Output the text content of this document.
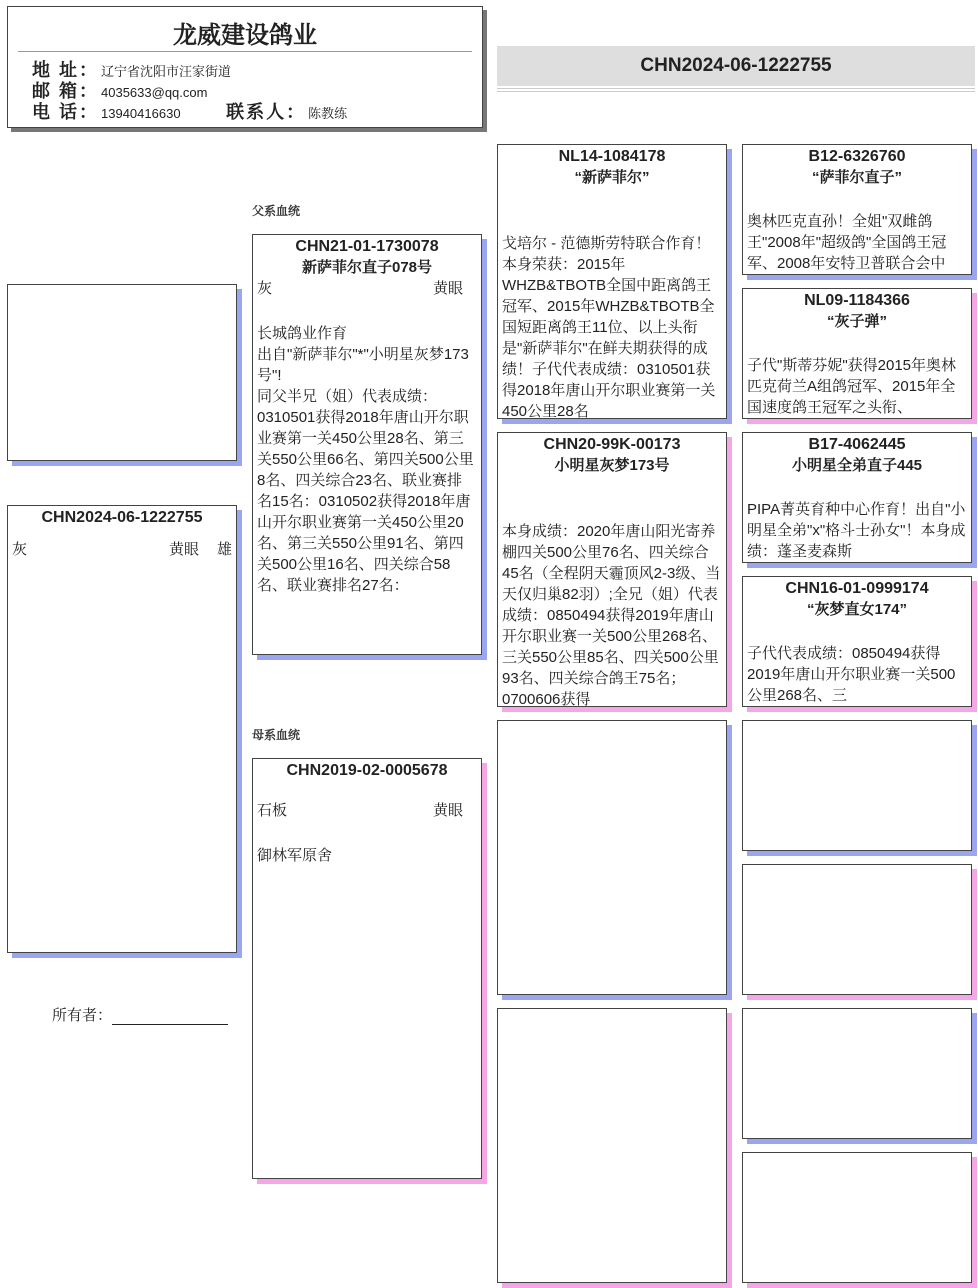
龙威建设鸽业
地 址： 辽宁省沈阳市汪家街道
邮 箱： 4035633@qq.com
电 话： 13940416630	联系人： 陈教练
CHN2024-06-1222755
CHN2024-06-1222755
灰	黄眼 雄
所有者：
父系血统
母系血统
CHN21-01-1730078
新萨菲尔直子078号
灰	黄眼
长城鸽业作育
出自"新萨菲尔"*"小明星灰梦173号"!
同父半兄（姐）代表成绩：0310501获得2018年唐山开尔职业赛第一关450公里28名、第三关550公里66名、第四关500公里8名、四关综合23名、联业赛排名15名：0310502获得2018年唐山开尔职业赛第一关450公里20名、第三关550公里91名、第四关500公里16名、四关综合58名、联业赛排名27名：
CHN2019-02-0005678
石板	黄眼
御林军原舍
NL14-1084178
“新萨菲尔”
戈培尔 - 范德斯劳特联合作育！本身荣获：2015年WHZB&TBOTB全国中距离鸽王冠军、2015年WHZB&TBOTB全国短距离鸽王11位、以上头衔是"新萨菲尔"在鲜夫期获得的成绩！子代代表成绩：0310501获得2018年唐山开尔职业赛第一关450公里28名
CHN20-99K-00173
小明星灰梦173号
本身成绩：2020年唐山阳光寄养棚四关500公里76名、四关综合45名（全程阴天霾顶风2-3级、当天仅归巢82羽）;全兄（姐）代表成绩：0850494获得2019年唐山开尔职业赛一关500公里268名、三关550公里85名、四关500公里93名、四关综合鸽王75名；0700606获得
B12-6326760
“萨菲尔直子”
奥林匹克直孙！全姐"双雌鸽王"2008年"超级鸽"全国鸽王冠军、2008年安特卫普联合会中
NL09-1184366
“灰子弹”
子代"斯蒂芬妮"获得2015年奥林匹克荷兰A组鸽冠军、2015年全国速度鸽王冠军之头衔、
B17-4062445
小明星全弟直子445
PIPA菁英育种中心作育！出自"小明星全弟"x"格斗士孙女"！本身成绩：蓬圣麦森斯
CHN16-01-0999174
“灰梦直女174”
子代代表成绩：0850494获得2019年唐山开尔职业赛一关500公里268名、三
